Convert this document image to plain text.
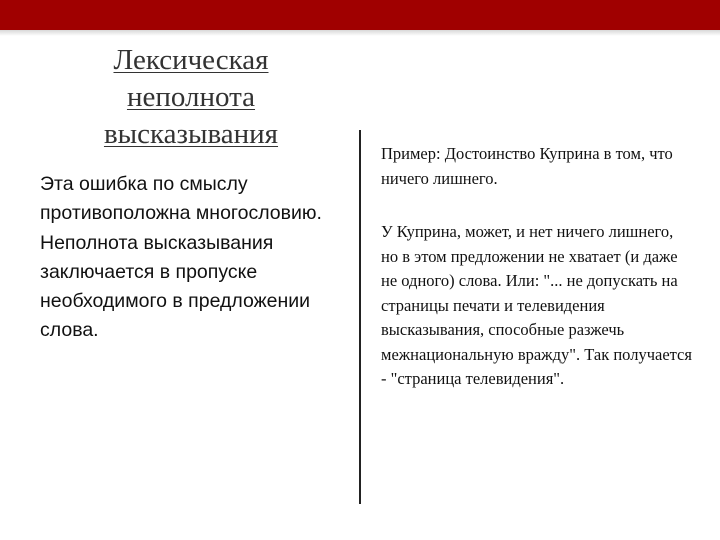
Лексическая неполнота высказывания

Эта ошибка по смыслу противоположна многословию. Неполнота высказывания заключается в пропуске необходимого в предложении слова.

Пример: Достоинство Куприна в том, что ничего лишнего.

У Куприна, может, и нет ничего лишнего, но в этом предложении не хватает (и даже не одного) слова. Или: "... не допускать на страницы печати и телевидения высказывания, способные разжечь межнациональную вражду". Так получается - "страница телевидения".
